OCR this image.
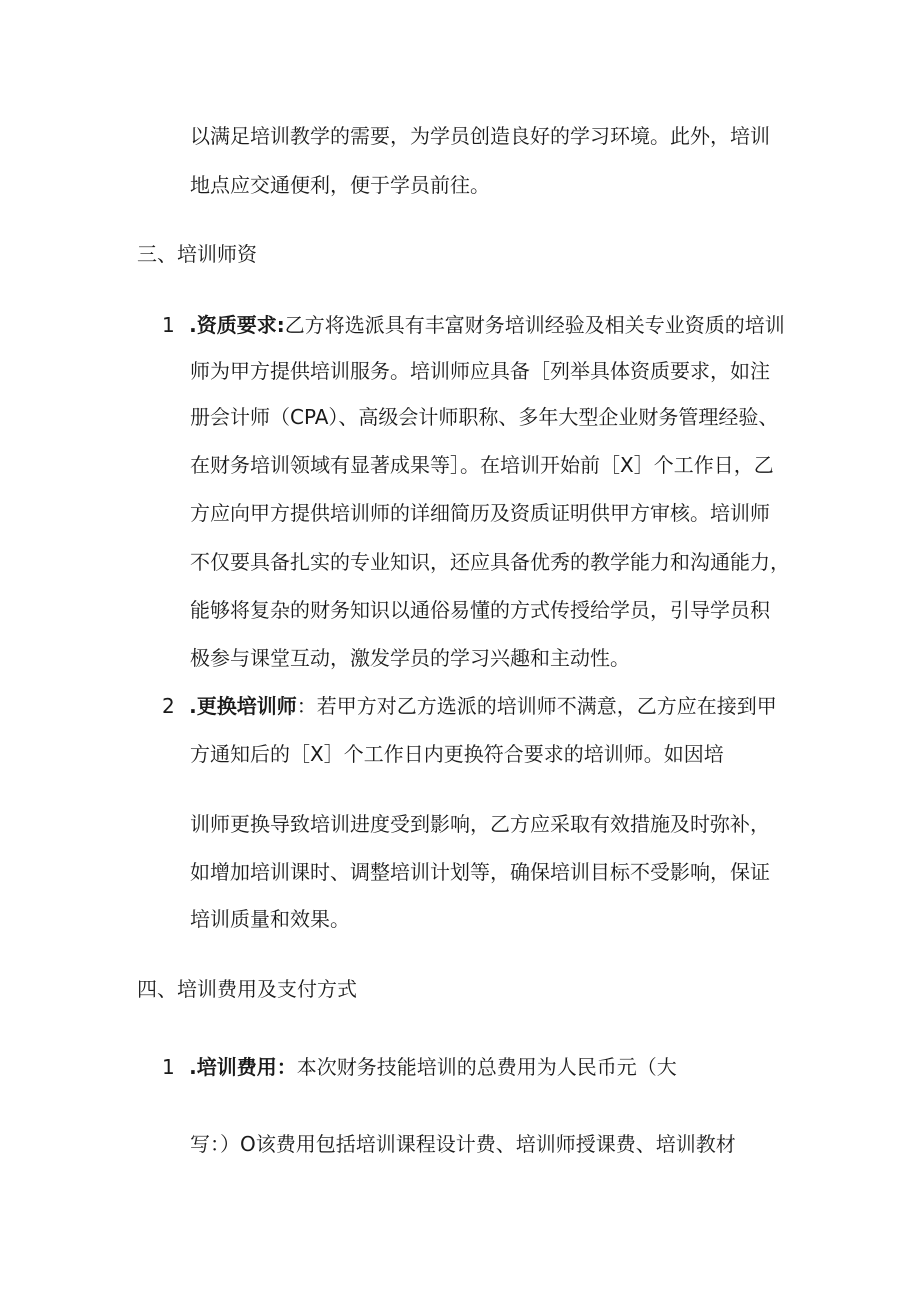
以满足培训教学的需要，为学员创造良好的学习环境。此外，培训
地点应交通便利，便于学员前往。
三、培训师资
1 .资质要求:乙方将选派具有丰富财务培训经验及相关专业资质的培训
师为甲方提供培训服务。培训师应具备［列举具体资质要求，如注
册会计师（CPA）、高级会计师职称、多年大型企业财务管理经验、
在财务培训领域有显著成果等］。在培训开始前［X］个工作日，乙
方应向甲方提供培训师的详细简历及资质证明供甲方审核。培训师
不仅要具备扎实的专业知识，还应具备优秀的教学能力和沟通能力，
能够将复杂的财务知识以通俗易懂的方式传授给学员，引导学员积
极参与课堂互动，激发学员的学习兴趣和主动性。
2 .更换培训师：若甲方对乙方选派的培训师不满意，乙方应在接到甲
方通知后的［X］个工作日内更换符合要求的培训师。如因培
训师更换导致培训进度受到影响，乙方应采取有效措施及时弥补，
如增加培训课时、调整培训计划等，确保培训目标不受影响，保证
培训质量和效果。
四、培训费用及支付方式
1 .培训费用：本次财务技能培训的总费用为人民币元（大
写：）O该费用包括培训课程设计费、培训师授课费、培训教材
